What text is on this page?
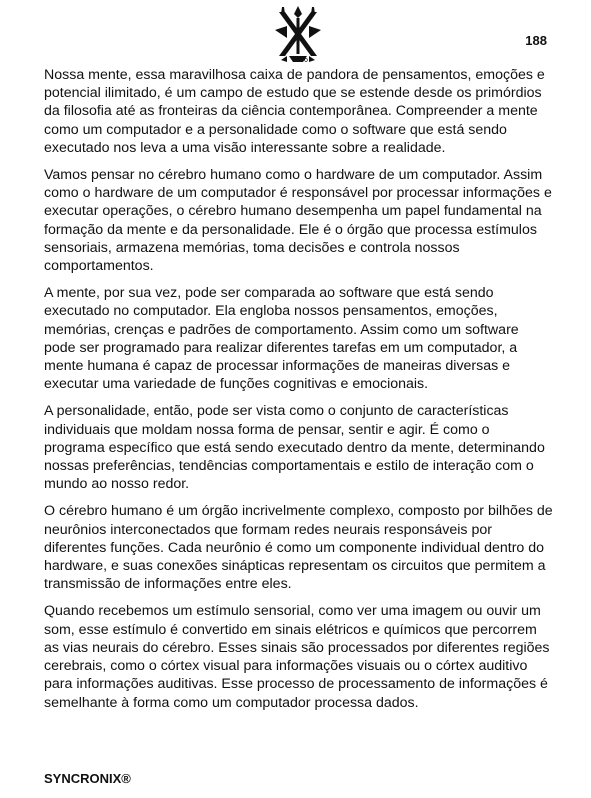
188

Nossa mente, essa maravilhosa caixa de pandora de pensamentos, emoções e potencial ilimitado, é um campo de estudo que se estende desde os primórdios da filosofia até as fronteiras da ciência contemporânea. Compreender a mente como um computador e a personalidade como o software que está sendo executado nos leva a uma visão interessante sobre a realidade.

Vamos pensar no cérebro humano como o hardware de um computador. Assim como o hardware de um computador é responsável por processar informações e executar operações, o cérebro humano desempenha um papel fundamental na formação da mente e da personalidade. Ele é o órgão que processa estímulos sensoriais, armazena memórias, toma decisões e controla nossos comportamentos.

A mente, por sua vez, pode ser comparada ao software que está sendo executado no computador. Ela engloba nossos pensamentos, emoções, memórias, crenças e padrões de comportamento. Assim como um software pode ser programado para realizar diferentes tarefas em um computador, a mente humana é capaz de processar informações de maneiras diversas e executar uma variedade de funções cognitivas e emocionais.

A personalidade, então, pode ser vista como o conjunto de características individuais que moldam nossa forma de pensar, sentir e agir. É como o programa específico que está sendo executado dentro da mente, determinando nossas preferências, tendências comportamentais e estilo de interação com o mundo ao nosso redor.

O cérebro humano é um órgão incrivelmente complexo, composto por bilhões de neurônios interconectados que formam redes neurais responsáveis por diferentes funções. Cada neurônio é como um componente individual dentro do hardware, e suas conexões sinápticas representam os circuitos que permitem a transmissão de informações entre eles.

Quando recebemos um estímulo sensorial, como ver uma imagem ou ouvir um som, esse estímulo é convertido em sinais elétricos e químicos que percorrem as vias neurais do cérebro. Esses sinais são processados por diferentes regiões cerebrais, como o córtex visual para informações visuais ou o córtex auditivo para informações auditivas. Esse processo de processamento de informações é semelhante à forma como um computador processa dados.

SYNCRONIX®
